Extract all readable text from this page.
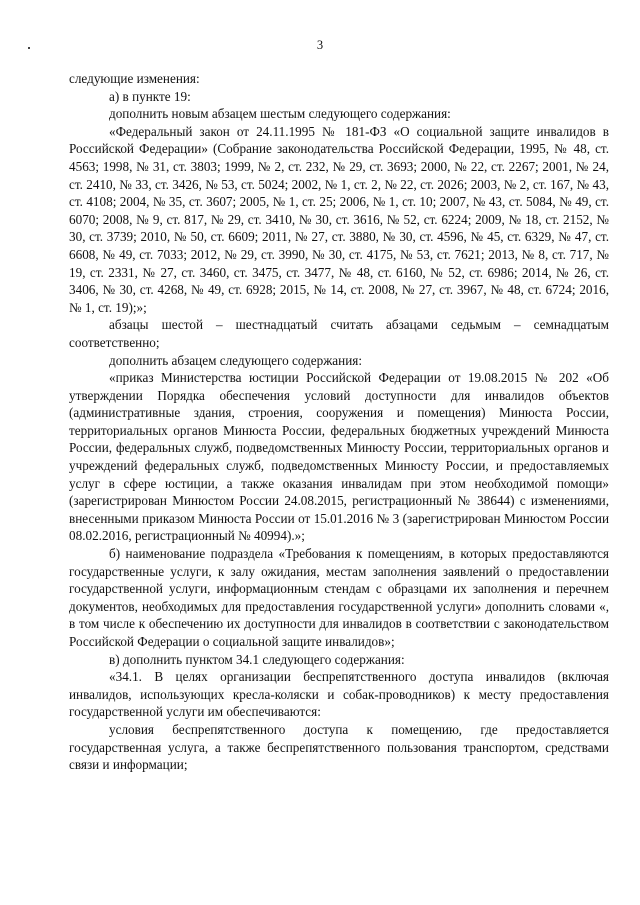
3

следующие изменения:

а) в пункте 19:

дополнить новым абзацем шестым следующего содержания:

«Федеральный закон от 24.11.1995 № 181-ФЗ «О социальной защите инвалидов в Российской Федерации» (Собрание законодательства Российской Федерации, 1995, № 48, ст. 4563; 1998, № 31, ст. 3803; 1999, № 2, ст. 232, № 29, ст. 3693; 2000, № 22, ст. 2267; 2001, № 24, ст. 2410, № 33, ст. 3426, № 53, ст. 5024; 2002, № 1, ст. 2, № 22, ст. 2026; 2003, № 2, ст. 167, № 43, ст. 4108; 2004, № 35, ст. 3607; 2005, № 1, ст. 25; 2006, № 1, ст. 10; 2007, № 43, ст. 5084, № 49, ст. 6070; 2008, № 9, ст. 817, № 29, ст. 3410, № 30, ст. 3616, № 52, ст. 6224; 2009, № 18, ст. 2152, № 30, ст. 3739; 2010, № 50, ст. 6609; 2011, № 27, ст. 3880, № 30, ст. 4596, № 45, ст. 6329, № 47, ст. 6608, № 49, ст. 7033; 2012, № 29, ст. 3990, № 30, ст. 4175, № 53, ст. 7621; 2013, № 8, ст. 717, № 19, ст. 2331, № 27, ст. 3460, ст. 3475, ст. 3477, № 48, ст. 6160, № 52, ст. 6986; 2014, № 26, ст. 3406, № 30, ст. 4268, № 49, ст. 6928; 2015, № 14, ст. 2008, № 27, ст. 3967, № 48, ст. 6724; 2016, № 1, ст. 19);»;

абзацы шестой – шестнадцатый считать абзацами седьмым – семнадцатым соответственно;

дополнить абзацем следующего содержания:

«приказ Министерства юстиции Российской Федерации от 19.08.2015 № 202 «Об утверждении Порядка обеспечения условий доступности для инвалидов объектов (административные здания, строения, сооружения и помещения) Минюста России, территориальных органов Минюста России, федеральных бюджетных учреждений Минюста России, федеральных служб, подведомственных Минюсту России, территориальных органов и учреждений федеральных служб, подведомственных Минюсту России, и предоставляемых услуг в сфере юстиции, а также оказания инвалидам при этом необходимой помощи» (зарегистрирован Минюстом России 24.08.2015, регистрационный № 38644) с изменениями, внесенными приказом Минюста России от 15.01.2016 № 3 (зарегистрирован Минюстом России 08.02.2016, регистрационный № 40994).»;

б) наименование подраздела «Требования к помещениям, в которых предоставляются государственные услуги, к залу ожидания, местам заполнения заявлений о предоставлении государственной услуги, информационным стендам с образцами их заполнения и перечнем документов, необходимых для предоставления государственной услуги» дополнить словами «, в том числе к обеспечению их доступности для инвалидов в соответствии с законодательством Российской Федерации о социальной защите инвалидов»;

в) дополнить пунктом 34.1 следующего содержания:

«34.1. В целях организации беспрепятственного доступа инвалидов (включая инвалидов, использующих кресла-коляски и собак-проводников) к месту предоставления государственной услуги им обеспечиваются:

условия беспрепятственного доступа к помещению, где предоставляется государственная услуга, а также беспрепятственного пользования транспортом, средствами связи и информации;
